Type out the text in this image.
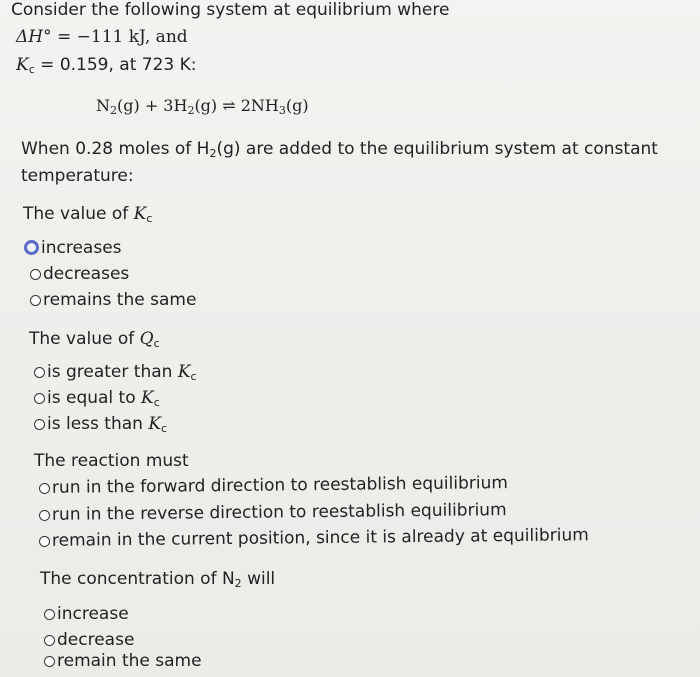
Consider the following system at equilibrium where
ΔH° = −111 kJ, and
$K_c = 0.159$, at 723 K:
$N_2(g) + 3H_2(g)$ ⇌ $2NH_3(g)$
When 0.28 moles of $H_2(g)$ are added to the equilibrium system at constant
temperature:
The value of $K_c$
increases
decreases
remains the same
The value of $Q_c$
is greater than $K_c$
is equal to $K_c$
is less than $K_c$
The reaction must
run in the forward direction to reestablish equilibrium
run in the reverse direction to reestablish equilibrium
remain in the current position, since it is already at equilibrium
The concentration of $N_2$ will
increase
decrease
remain the same
